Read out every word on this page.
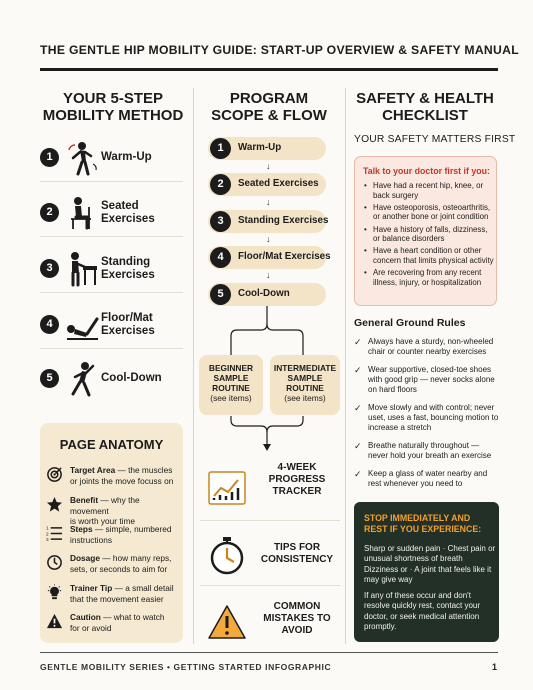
THE GENTLE HIP MOBILITY GUIDE: START-UP OVERVIEW & SAFETY MANUAL
YOUR 5-STEP
MOBILITY METHOD
1	Warm-Up
2	Seated
Exercises
3	Standing
Exercises
4	Floor/Mat
Exercises
5	Cool-Down
PAGE ANATOMY
Target Area — the muscles
or joints the move focuss on
Benefit — why the movement
is worth your time
1
2
3
Steps — simple, numbered
instructions
Dosage — how many reps,
sets, or seconds to aim for
Trainer Tip — a small detail
that the movement easier
Caution — what to watch
for or avoid
PROGRAM
SCOPE & FLOW
1	Warm-Up
↓
2	Seated Exercises
↓
3	Standing Exercises
↓
4	Floor/Mat Exercises
↓
5	Cool-Down
BEGINNER
SAMPLE
ROUTINE
(see items)
INTERMEDIATE
SAMPLE
ROUTINE
(see items)
4-WEEK
PROGRESS
TRACKER
TIPS FOR
CONSISTENCY
COMMON
MISTAKES TO
AVOID
SAFETY & HEALTH
CHECKLIST
YOUR SAFETY MATTERS FIRST
Talk to your doctor first if you:
• Have had a recent hip, knee, or back surgery
• Have osteoporosis, osteoarthritis, or another bone or joint condition
• Have a history of falls, dizziness, or balance disorders
• Have a heart condition or other concern that limits physical activity
• Are recovering from any recent illness, injury, or hospitalization
General Ground Rules
✓ Always have a sturdy, non-wheeled chair or counter nearby exercises
✓ Wear supportive, closed-toe shoes with good grip — never socks alone on hard floors
✓ Move slowly and with control; never uset, uses a fast, bouncing motion to increase a stretch
✓ Breathe naturally throughout — never hold your breath an exercise
✓ Keep a glass of water nearby and rest whenever you need to
STOP IMMEDIATELY AND REST IF YOU EXPERIENCE:
Sharp or sudden pain · Chest pain or unusual shortness of breath Dizziness or · A joint that feels like it may give way
If any of these occur and don't resolve quickly rest, contact your doctor, or seek medical attention promptly.
GENTLE MOBILITY SERIES • GETTING STARTED INFOGRAPHIC	1
